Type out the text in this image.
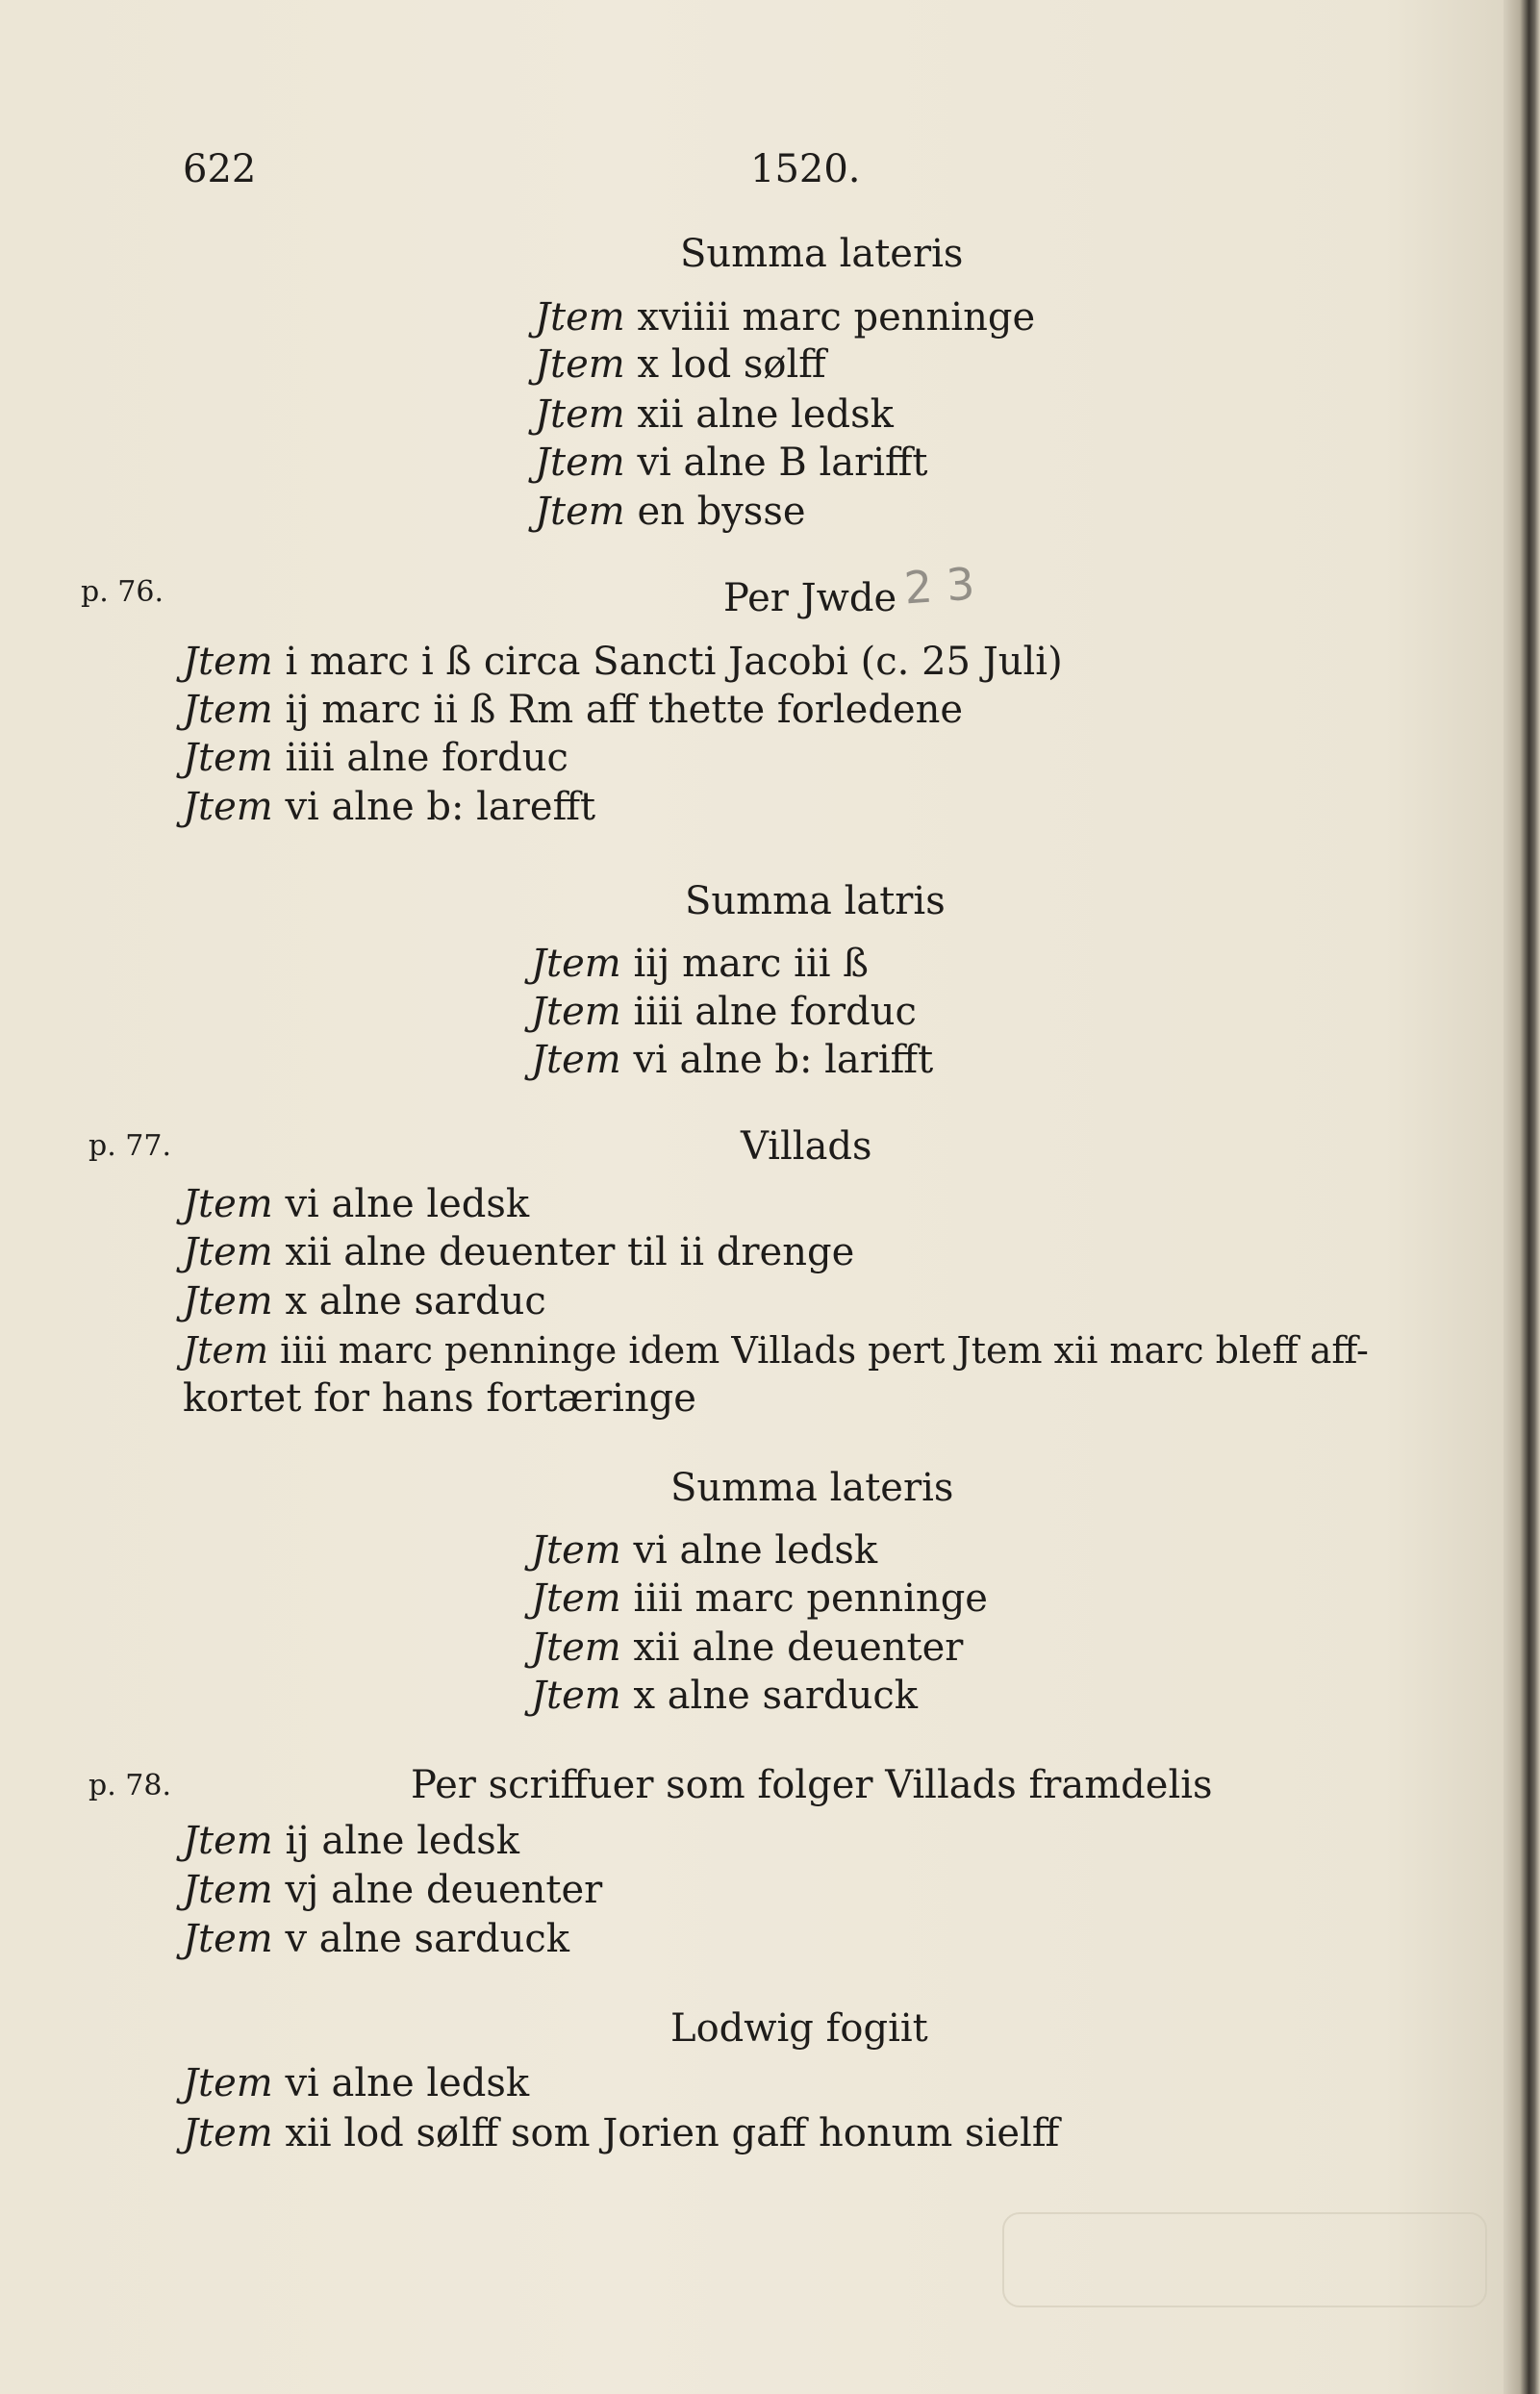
622	1520.
Summa lateris
Jtem xviiii marc penninge
Jtem x lod sølff
Jtem xii alne ledsk
Jtem vi alne B larifft
Jtem en bysse
p. 76.	Per Jwde 2 3
Jtem i marc i ß circa Sancti Jacobi (c. 25 Juli)
Jtem ij marc ii ß Rm aff thette forledene
Jtem iiii alne forduc
Jtem vi alne b: larefft
Summa latris
Jtem iij marc iii ß
Jtem iiii alne forduc
Jtem vi alne b: larifft
p. 77.	Villads
Jtem vi alne ledsk
Jtem xii alne deuenter til ii drenge
Jtem x alne sarduc
Jtem iiii marc penninge idem Villads pert Jtem xii marc bleff aff-
kortet for hans fortæringe
Summa lateris
Jtem vi alne ledsk
Jtem iiii marc penninge
Jtem xii alne deuenter
Jtem x alne sarduck
p. 78.	Per scriffuer som folger Villads framdelis
Jtem ij alne ledsk
Jtem vj alne deuenter
Jtem v alne sarduck
Lodwig fogiit
Jtem vi alne ledsk
Jtem xii lod sølff som Jorien gaff honum sielff
